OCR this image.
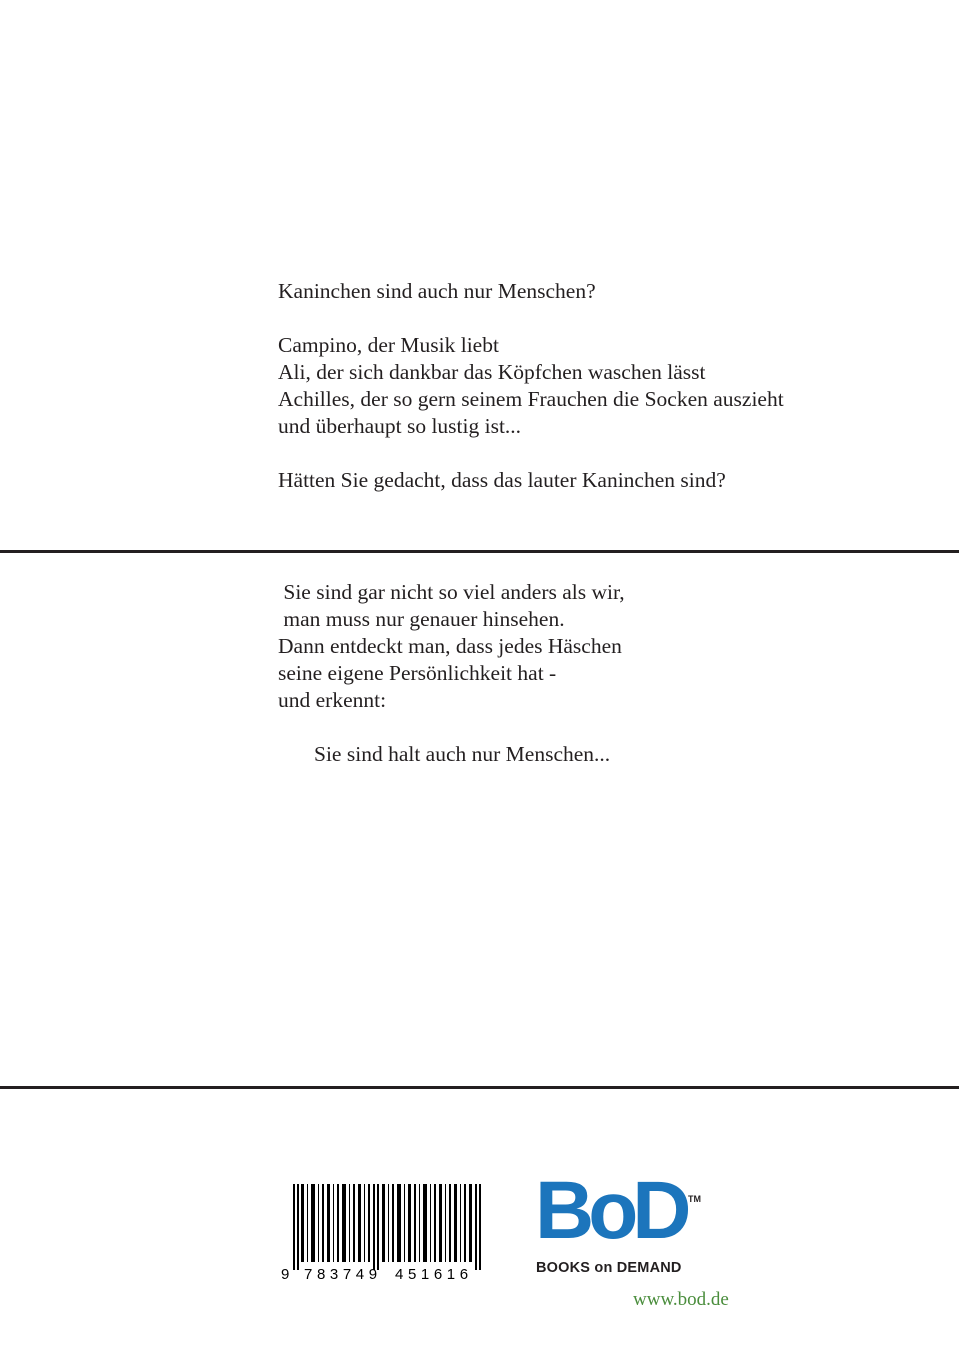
Kaninchen sind auch nur Menschen?

Campino, der Musik liebt

Ali, der sich dankbar das Köpfchen waschen lässt

Achilles, der so gern seinem Frauchen die Socken auszieht

und überhaupt so lustig ist...

Hätten Sie gedacht, dass das lauter Kaninchen sind?

Sie sind gar nicht so viel anders als wir,

man muss nur genauer hinsehen.

Dann entdeckt man, dass jedes Häschen

seine eigene Persönlichkeit hat -

und erkennt:

Sie sind halt auch nur Menschen...

9 783749 451616
BoD TM
BOOKS on DEMAND
www.bod.de
